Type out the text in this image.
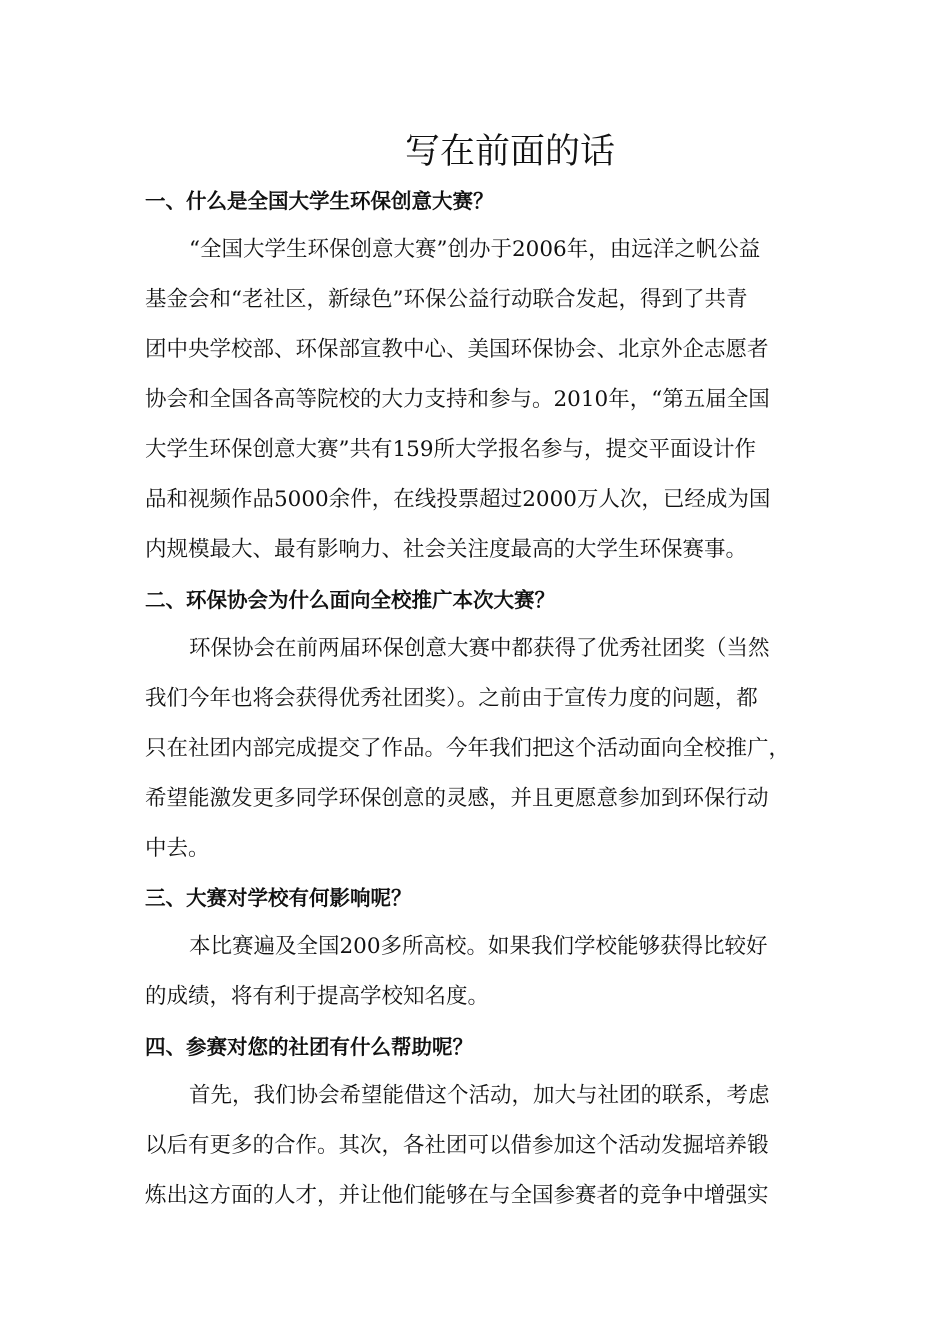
写在前面的话
一、什么是全国大学生环保创意大赛？
“全国大学生环保创意大赛”创办于2006年，由远洋之帆公益
基金会和“老社区，新绿色”环保公益行动联合发起，得到了共青
团中央学校部、环保部宣教中心、美国环保协会、北京外企志愿者
协会和全国各高等院校的大力支持和参与。2010年，“第五届全国
大学生环保创意大赛”共有159所大学报名参与，提交平面设计作
品和视频作品5000余件，在线投票超过2000万人次，已经成为国
内规模最大、最有影响力、社会关注度最高的大学生环保赛事。
二、环保协会为什么面向全校推广本次大赛？
环保协会在前两届环保创意大赛中都获得了优秀社团奖（当然
我们今年也将会获得优秀社团奖）。之前由于宣传力度的问题，都
只在社团内部完成提交了作品。今年我们把这个活动面向全校推广，
希望能激发更多同学环保创意的灵感，并且更愿意参加到环保行动
中去。
三、大赛对学校有何影响呢？
本比赛遍及全国200多所高校。如果我们学校能够获得比较好
的成绩，将有利于提高学校知名度。
四、参赛对您的社团有什么帮助呢？
首先，我们协会希望能借这个活动，加大与社团的联系，考虑
以后有更多的合作。其次，各社团可以借参加这个活动发掘培养锻
炼出这方面的人才，并让他们能够在与全国参赛者的竞争中增强实
